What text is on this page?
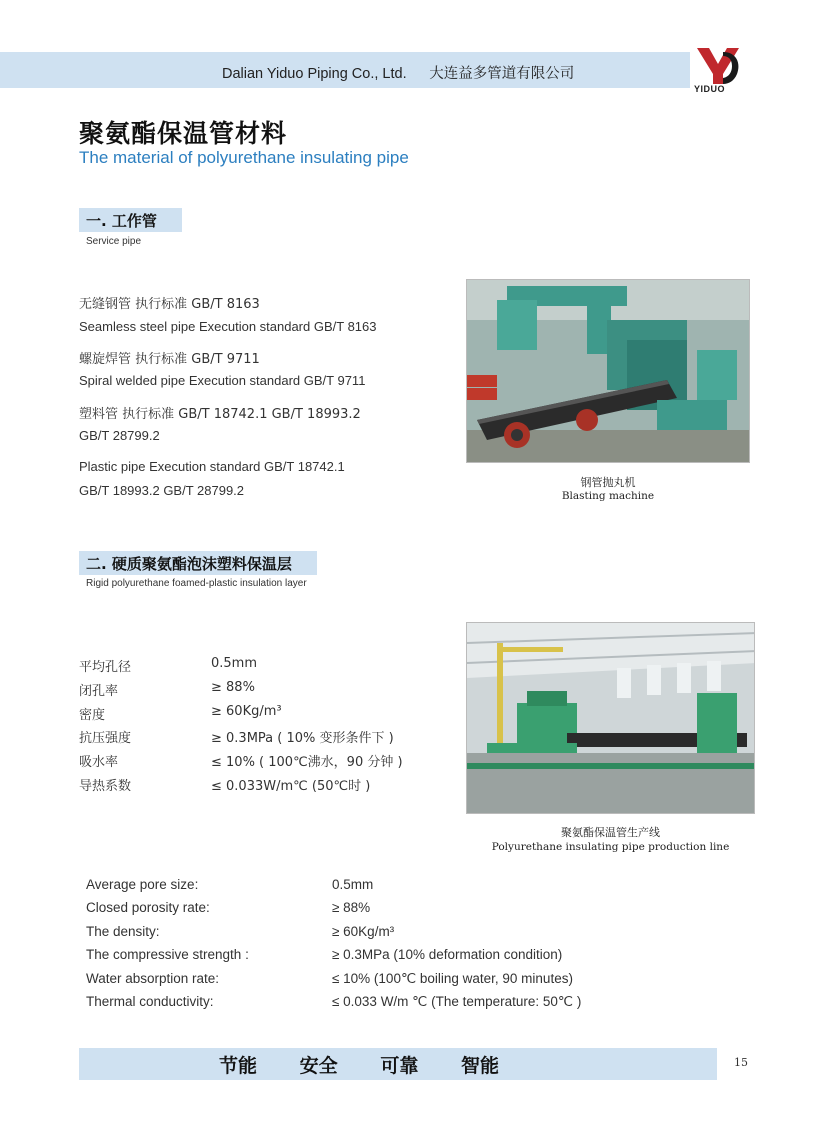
Dalian Yiduo Piping Co., Ltd. 大连益多管道有限公司
YIDUO
聚氨酯保温管材料
The material of polyurethane insulating pipe
一. 工作管
Service pipe
无缝钢管 执行标准 GB/T 8163
Seamless steel pipe Execution standard GB/T 8163
螺旋焊管 执行标准 GB/T 9711
Spiral welded pipe Execution standard GB/T 9711
塑料管 执行标准 GB/T 18742.1 GB/T 18993.2
GB/T 28799.2
Plastic pipe Execution standard GB/T 18742.1
GB/T 18993.2 GB/T 28799.2
钢管抛丸机
Blasting machine
二. 硬质聚氨酯泡沫塑料保温层
Rigid polyurethane foamed-plastic insulation layer
平均孔径	0.5mm
闭孔率	≥ 88%
密度	≥ 60Kg/m³
抗压强度	≥ 0.3MPa ( 10% 变形条件下 )
吸水率	≤ 10% ( 100℃沸水，90 分钟 )
导热系数	≤ 0.033W/m℃ (50℃时 )
聚氨酯保温管生产线
Polyurethane insulating pipe production line
Average pore size:	0.5mm
Closed porosity rate:	≥ 88%
The density:	≥ 60Kg/m³
The compressive strength :	≥ 0.3MPa (10% deformation condition)
Water absorption rate:	≤ 10% (100℃ boiling water, 90 minutes)
Thermal conductivity:	≤ 0.033 W/m ℃ (The temperature: 50℃ )
节能 安全 可靠 智能	15
